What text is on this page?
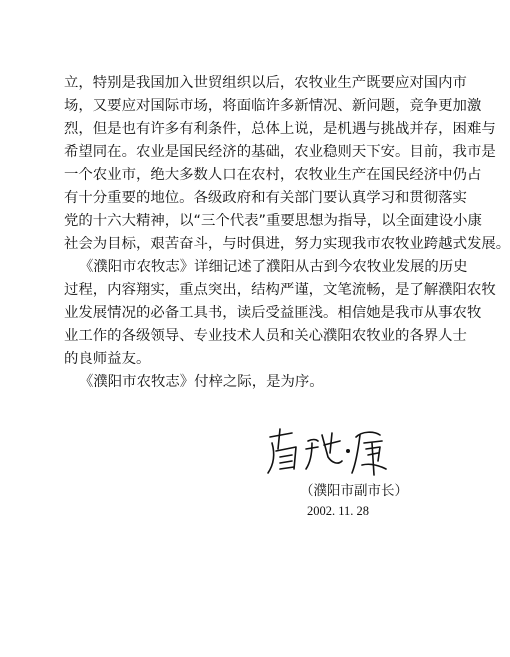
立，特别是我国加入世贸组织以后，农牧业生产既要应对国内市
场，又要应对国际市场，将面临许多新情况、新问题，竞争更加激
烈，但是也有许多有利条件，总体上说，是机遇与挑战并存，困难与
希望同在。农业是国民经济的基础，农业稳则天下安。目前，我市是
一个农业市，绝大多数人口在农村，农牧业生产在国民经济中仍占
有十分重要的地位。各级政府和有关部门要认真学习和贯彻落实
党的十六大精神，以“三个代表”重要思想为指导，以全面建设小康
社会为目标，艰苦奋斗，与时俱进，努力实现我市农牧业跨越式发展。
《濮阳市农牧志》详细记述了濮阳从古到今农牧业发展的历史
过程，内容翔实，重点突出，结构严谨，文笔流畅，是了解濮阳农牧
业发展情况的必备工具书，读后受益匪浅。相信她是我市从事农牧
业工作的各级领导、专业技术人员和关心濮阳农牧业的各界人士
的良师益友。
《濮阳市农牧志》付梓之际，是为序。
（濮阳市副市长）
2002. 11. 28
